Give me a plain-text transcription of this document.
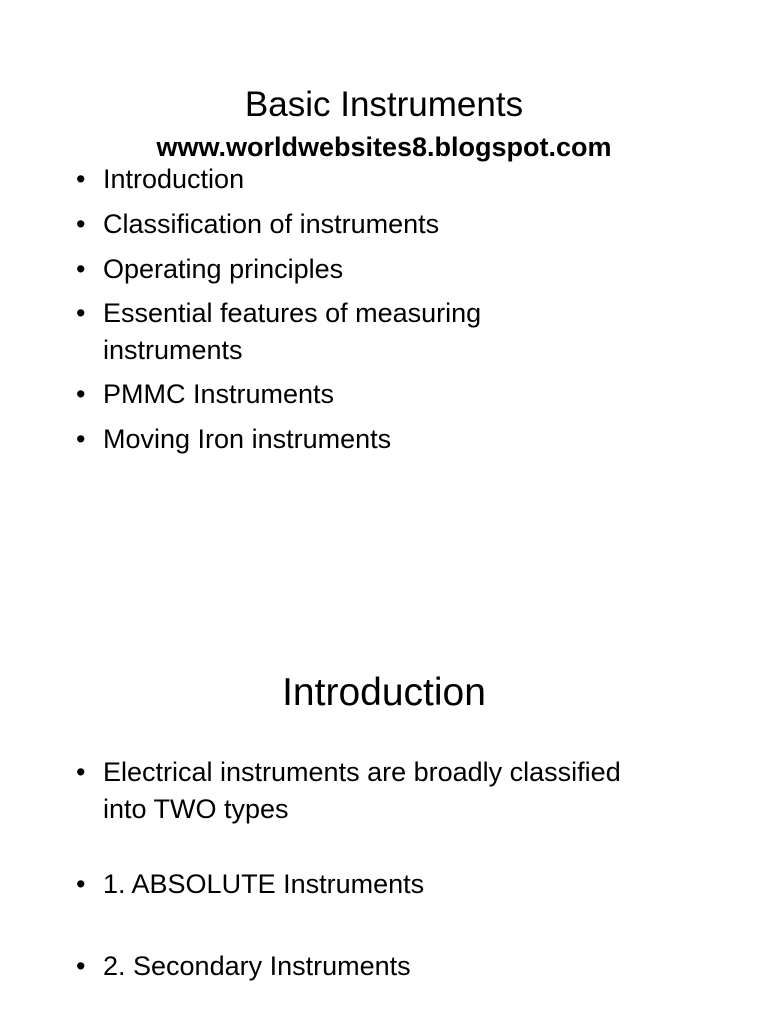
Basic Instruments
www.worldwebsites8.blogspot.com
• Introduction
• Classification of instruments
• Operating principles
• Essential features of measuring instruments
• PMMC Instruments
• Moving Iron instruments
Introduction
• Electrical instruments are broadly classified into TWO types
• 1. ABSOLUTE Instruments
• 2. Secondary Instruments
